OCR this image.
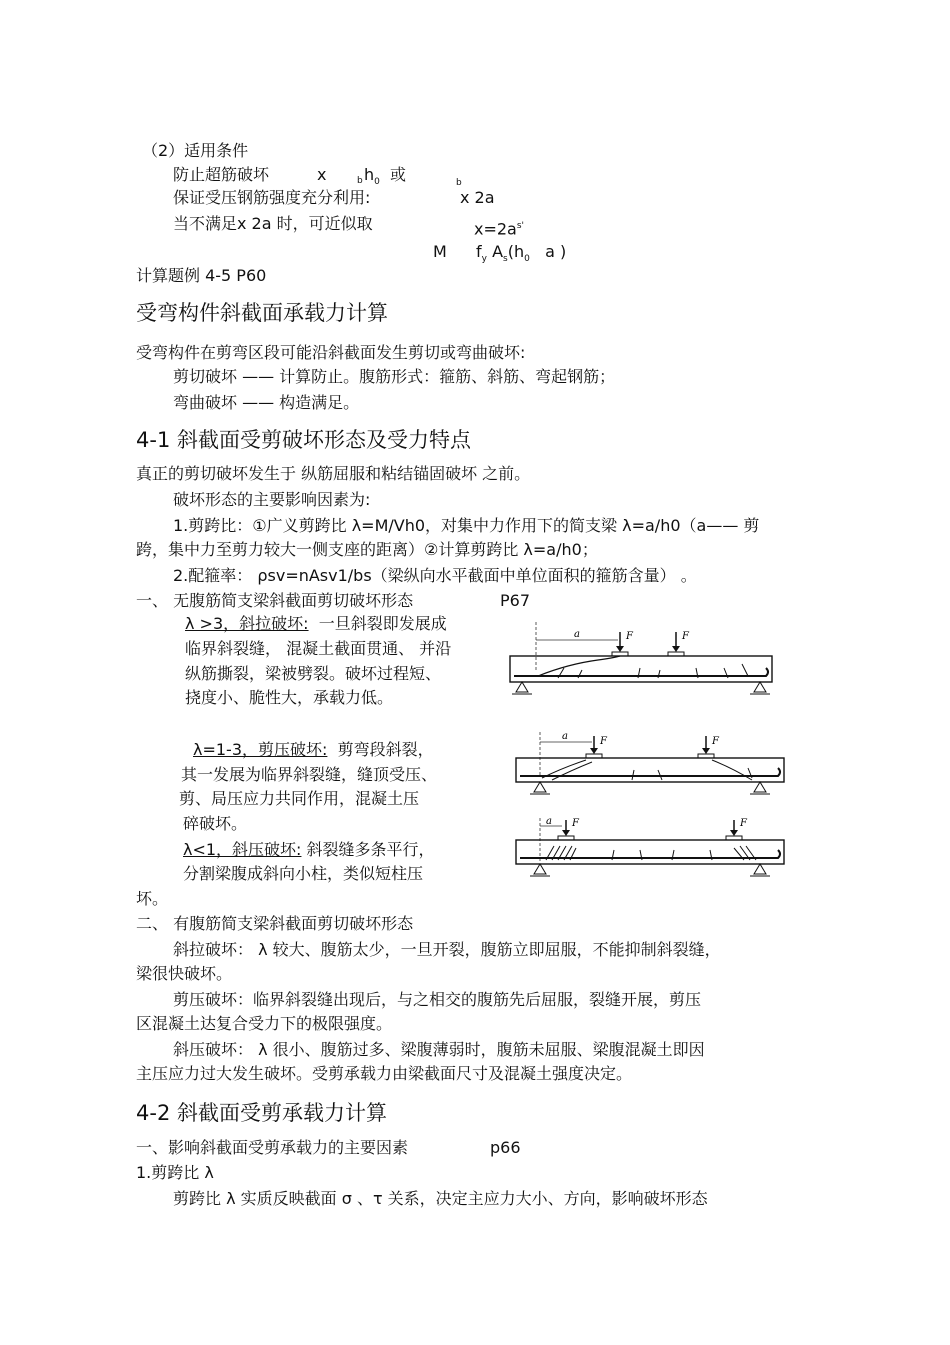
（2）适用条件
防止超筋破坏	x	b $h_0$ 或	b
保证受压钢筋强度充分利用:	x 2a
当不满足x 2a 时，可近似取	$x=2a^{s'}$
M $f_y$ $A_s(h_0$ a )
计算题例 4-5 P60
受弯构件斜截面承载力计算
受弯构件在剪弯区段可能沿斜截面发生剪切或弯曲破坏:
剪切破坏 —— 计算防止。腹筋形式：箍筋、斜筋、弯起钢筋；
弯曲破坏 —— 构造满足。
4-1 斜截面受剪破坏形态及受力特点
真正的剪切破坏发生于 纵筋屈服和粘结锚固破坏 之前。
破坏形态的主要影响因素为:
1.剪跨比：①广义剪跨比 λ=M/Vh0，对集中力作用下的简支梁 λ=a/h0（a—— 剪
跨，集中力至剪力较大一侧支座的距离）②计算剪跨比 λ=a/h0；
2.配箍率： ρsv=nAsv1/bs（梁纵向水平截面中单位面积的箍筋含量） 。
一、 无腹筋简支梁斜截面剪切破坏形态	P67
λ >3，斜拉破坏: 一旦斜裂即发展成
临界斜裂缝， 混凝土截面贯通、 并沿
纵筋撕裂，梁被劈裂。破坏过程短、
挠度小、脆性大，承载力低。
λ=1-3，剪压破坏: 剪弯段斜裂，
其一发展为临界斜裂缝，缝顶受压、
剪、局压应力共同作用，混凝土压
碎破坏。
λ<1，斜压破坏: 斜裂缝多条平行，
分割梁腹成斜向小柱，类似短柱压
坏。
a	F	F
a	F	F
a F	F
二、 有腹筋简支梁斜截面剪切破坏形态
斜拉破坏： λ 较大、腹筋太少，一旦开裂，腹筋立即屈服，不能抑制斜裂缝，
梁很快破坏。
剪压破坏：临界斜裂缝出现后，与之相交的腹筋先后屈服，裂缝开展，剪压
区混凝土达复合受力下的极限强度。
斜压破坏： λ 很小、腹筋过多、梁腹薄弱时，腹筋未屈服、梁腹混凝土即因
主压应力过大发生破坏。受剪承载力由梁截面尺寸及混凝土强度决定。
4-2 斜截面受剪承载力计算
一、影响斜截面受剪承载力的主要因素	p66
1.剪跨比 λ
剪跨比 λ 实质反映截面 σ 、τ 关系，决定主应力大小、方向，影响破坏形态
